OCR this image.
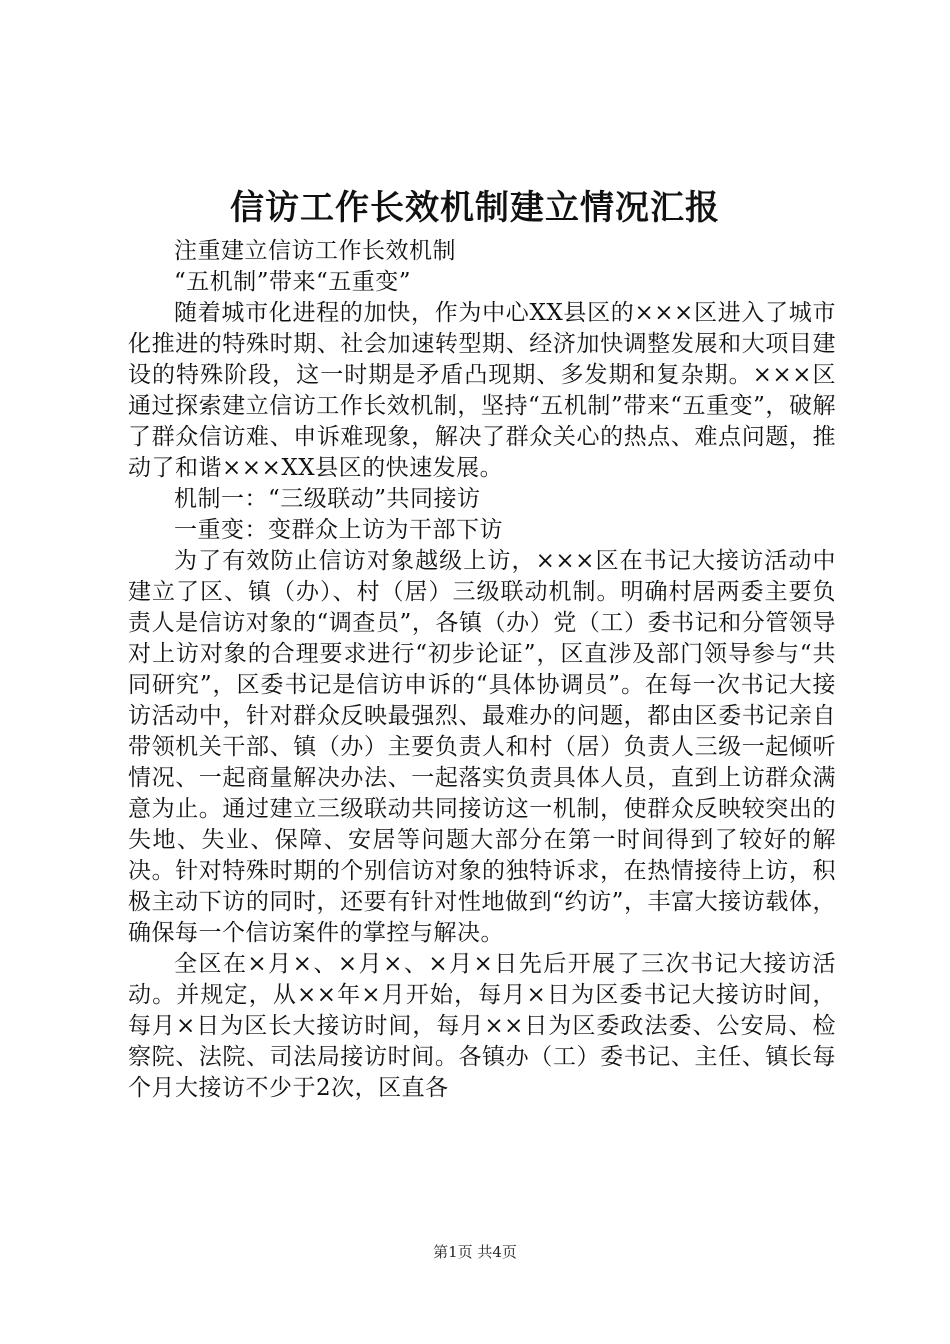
信访工作长效机制建立情况汇报

注重建立信访工作长效机制

“五机制”带来“五重变”

随着城市化进程的加快，作为中心XX县区的×××区进入了城市化推进的特殊时期、社会加速转型期、经济加快调整发展和大项目建设的特殊阶段，这一时期是矛盾凸现期、多发期和复杂期。×××区通过探索建立信访工作长效机制，坚持“五机制”带来“五重变”，破解了群众信访难、申诉难现象，解决了群众关心的热点、难点问题，推动了和谐×××XX县区的快速发展。

机制一：“三级联动”共同接访

一重变：变群众上访为干部下访

为了有效防止信访对象越级上访，×××区在书记大接访活动中建立了区、镇（办）、村（居）三级联动机制。明确村居两委主要负责人是信访对象的“调查员”，各镇（办）党（工）委书记和分管领导对上访对象的合理要求进行“初步论证”，区直涉及部门领导参与“共同研究”，区委书记是信访申诉的“具体协调员”。在每一次书记大接访活动中，针对群众反映最强烈、最难办的问题，都由区委书记亲自带领机关干部、镇（办）主要负责人和村（居）负责人三级一起倾听情况、一起商量解决办法、一起落实负责具体人员，直到上访群众满意为止。通过建立三级联动共同接访这一机制，使群众反映较突出的失地、失业、保障、安居等问题大部分在第一时间得到了较好的解决。针对特殊时期的个别信访对象的独特诉求，在热情接待上访，积极主动下访的同时，还要有针对性地做到“约访”，丰富大接访载体，确保每一个信访案件的掌控与解决。

全区在×月×、×月×、×月×日先后开展了三次书记大接访活动。并规定，从××年×月开始，每月×日为区委书记大接访时间，每月×日为区长大接访时间，每月××日为区委政法委、公安局、检察院、法院、司法局接访时间。各镇办（工）委书记、主任、镇长每个月大接访不少于2次，区直各

第1页 共4页
